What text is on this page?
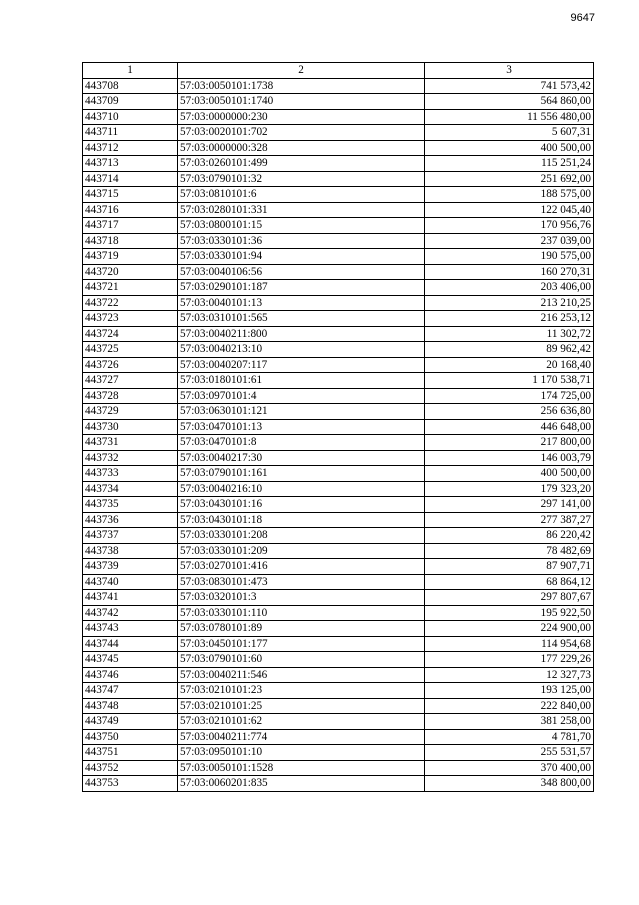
9647
1	2	3
443708	57:03:0050101:1738	741 573,42
443709	57:03:0050101:1740	564 860,00
443710	57:03:0000000:230	11 556 480,00
443711	57:03:0020101:702	5 607,31
443712	57:03:0000000:328	400 500,00
443713	57:03:0260101:499	115 251,24
443714	57:03:0790101:32	251 692,00
443715	57:03:0810101:6	188 575,00
443716	57:03:0280101:331	122 045,40
443717	57:03:0800101:15	170 956,76
443718	57:03:0330101:36	237 039,00
443719	57:03:0330101:94	190 575,00
443720	57:03:0040106:56	160 270,31
443721	57:03:0290101:187	203 406,00
443722	57:03:0040101:13	213 210,25
443723	57:03:0310101:565	216 253,12
443724	57:03:0040211:800	11 302,72
443725	57:03:0040213:10	89 962,42
443726	57:03:0040207:117	20 168,40
443727	57:03:0180101:61	1 170 538,71
443728	57:03:0970101:4	174 725,00
443729	57:03:0630101:121	256 636,80
443730	57:03:0470101:13	446 648,00
443731	57:03:0470101:8	217 800,00
443732	57:03:0040217:30	146 003,79
443733	57:03:0790101:161	400 500,00
443734	57:03:0040216:10	179 323,20
443735	57:03:0430101:16	297 141,00
443736	57:03:0430101:18	277 387,27
443737	57:03:0330101:208	86 220,42
443738	57:03:0330101:209	78 482,69
443739	57:03:0270101:416	87 907,71
443740	57:03:0830101:473	68 864,12
443741	57:03:0320101:3	297 807,67
443742	57:03:0330101:110	195 922,50
443743	57:03:0780101:89	224 900,00
443744	57:03:0450101:177	114 954,68
443745	57:03:0790101:60	177 229,26
443746	57:03:0040211:546	12 327,73
443747	57:03:0210101:23	193 125,00
443748	57:03:0210101:25	222 840,00
443749	57:03:0210101:62	381 258,00
443750	57:03:0040211:774	4 781,70
443751	57:03:0950101:10	255 531,57
443752	57:03:0050101:1528	370 400,00
443753	57:03:0060201:835	348 800,00
